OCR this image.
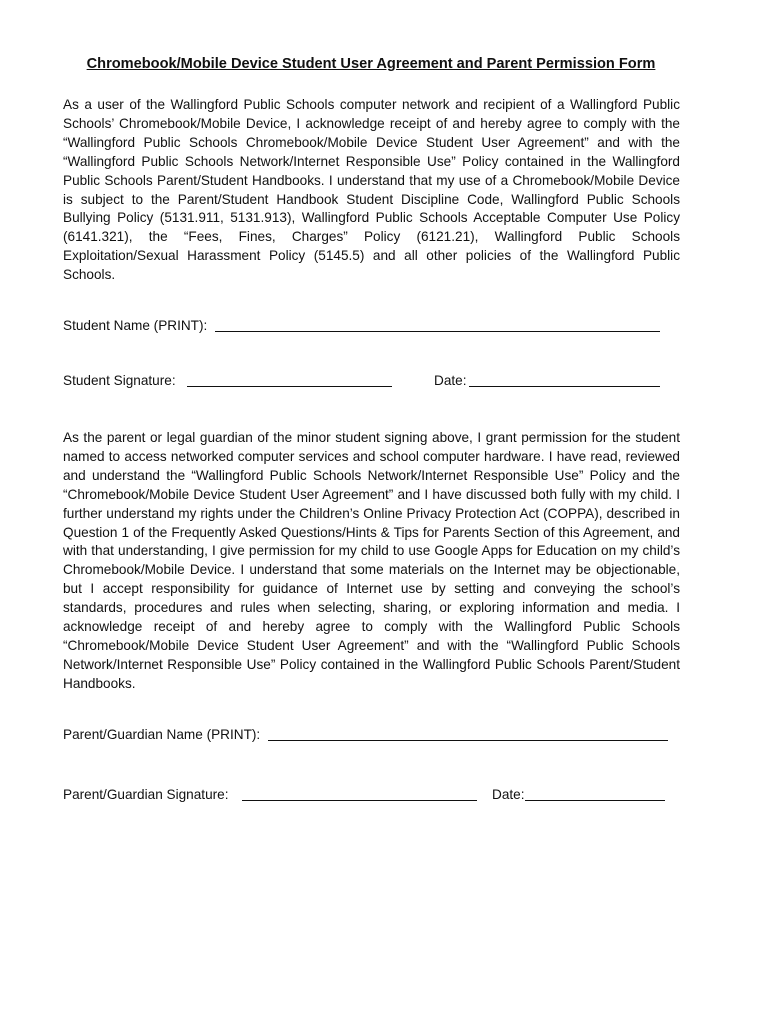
Chromebook/Mobile Device Student User Agreement and Parent Permission Form
As a user of the Wallingford Public Schools computer network and recipient of a Wallingford Public Schools’ Chromebook/Mobile Device, I acknowledge receipt of and hereby agree to comply with the “Wallingford Public Schools Chromebook/Mobile Device Student User Agreement” and with the “Wallingford Public Schools Network/Internet Responsible Use” Policy contained in the Wallingford Public Schools Parent/Student Handbooks. I understand that my use of a Chromebook/Mobile Device is subject to the Parent/Student Handbook Student Discipline Code, Wallingford Public Schools Bullying Policy (5131.911, 5131.913), Wallingford Public Schools Acceptable Computer Use Policy (6141.321), the “Fees, Fines, Charges” Policy (6121.21), Wallingford Public Schools Exploitation/Sexual Harassment Policy (5145.5) and all other policies of the Wallingford Public Schools.
Student Name (PRINT):
Student Signature:	Date:
As the parent or legal guardian of the minor student signing above, I grant permission for the student named to access networked computer services and school computer hardware. I have read, reviewed and understand the “Wallingford Public Schools Network/Internet Responsible Use” Policy and the “Chromebook/Mobile Device Student User Agreement” and I have discussed both fully with my child. I further understand my rights under the Children’s Online Privacy Protection Act (COPPA), described in Question 1 of the Frequently Asked Questions/Hints & Tips for Parents Section of this Agreement, and with that understanding, I give permission for my child to use Google Apps for Education on my child’s Chromebook/Mobile Device. I understand that some materials on the Internet may be objectionable, but I accept responsibility for guidance of Internet use by setting and conveying the school’s standards, procedures and rules when selecting, sharing, or exploring information and media. I acknowledge receipt of and hereby agree to comply with the Wallingford Public Schools “Chromebook/Mobile Device Student User Agreement” and with the “Wallingford Public Schools Network/Internet Responsible Use” Policy contained in the Wallingford Public Schools Parent/Student Handbooks.
Parent/Guardian Name (PRINT):
Parent/Guardian Signature:	Date:
